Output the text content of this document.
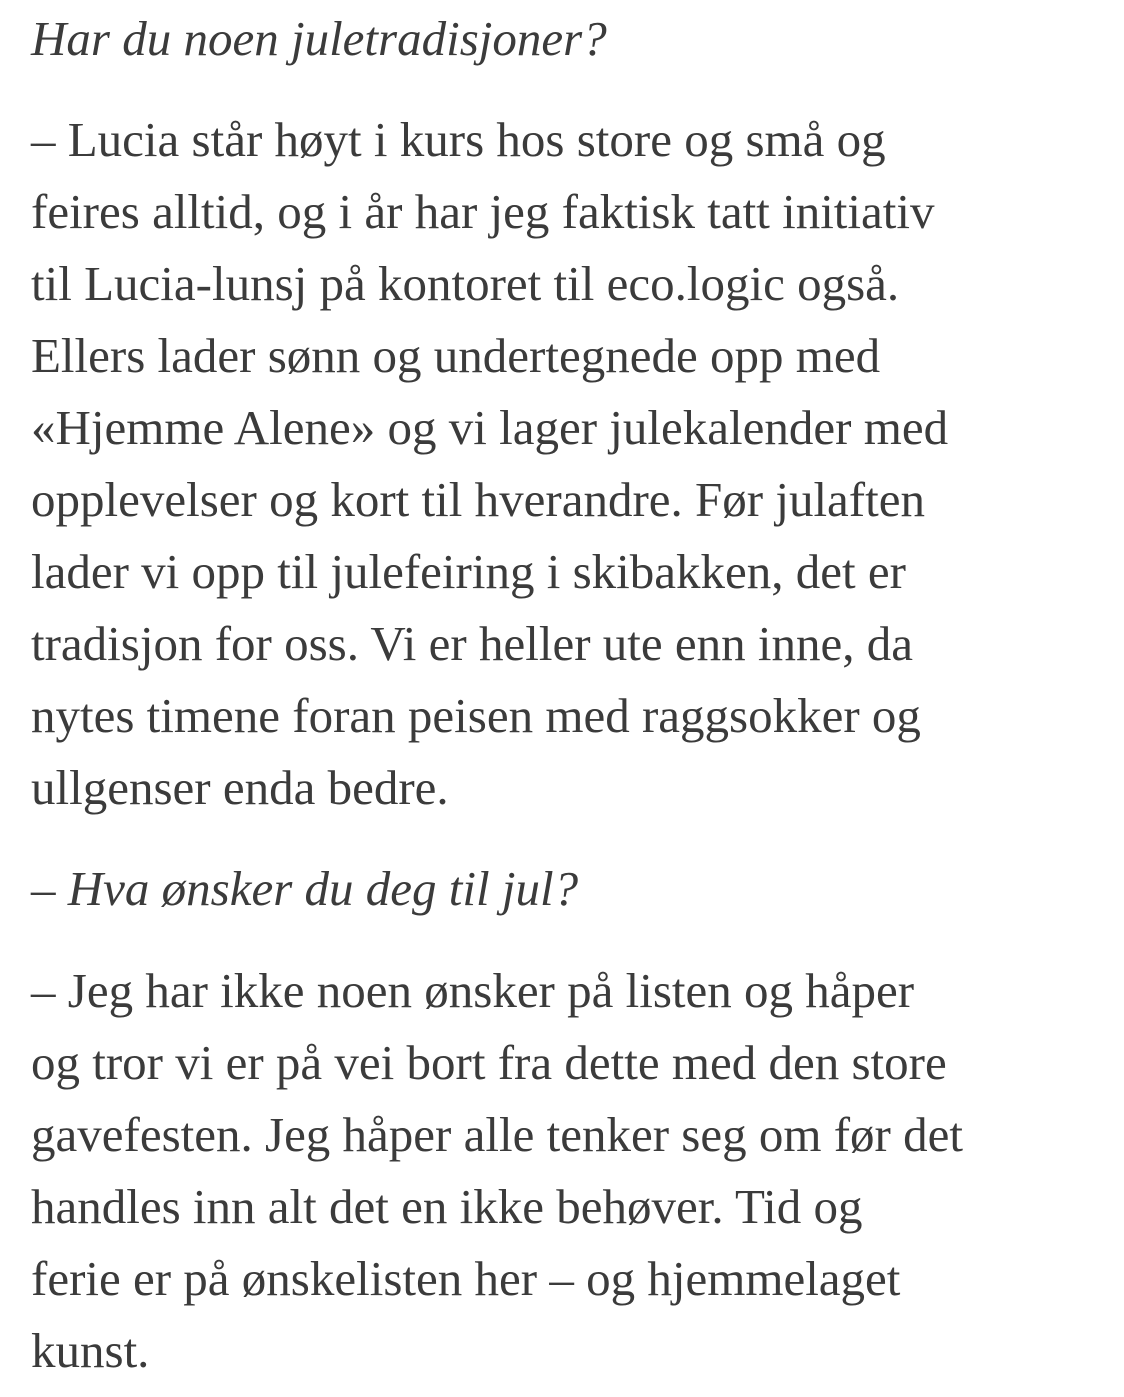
Har du noen juletradisjoner?

– Lucia står høyt i kurs hos store og små og
feires alltid, og i år har jeg faktisk tatt initiativ
til Lucia-lunsj på kontoret til eco.logic også.
Ellers lader sønn og undertegnede opp med
«Hjemme Alene» og vi lager julekalender med
opplevelser og kort til hverandre. Før julaften
lader vi opp til julefeiring i skibakken, det er
tradisjon for oss. Vi er heller ute enn inne, da
nytes timene foran peisen med raggsokker og
ullgenser enda bedre.

– Hva ønsker du deg til jul?

– Jeg har ikke noen ønsker på listen og håper
og tror vi er på vei bort fra dette med den store
gavefesten. Jeg håper alle tenker seg om før det
handles inn alt det en ikke behøver. Tid og
ferie er på ønskelisten her – og hjemmelaget
kunst.
